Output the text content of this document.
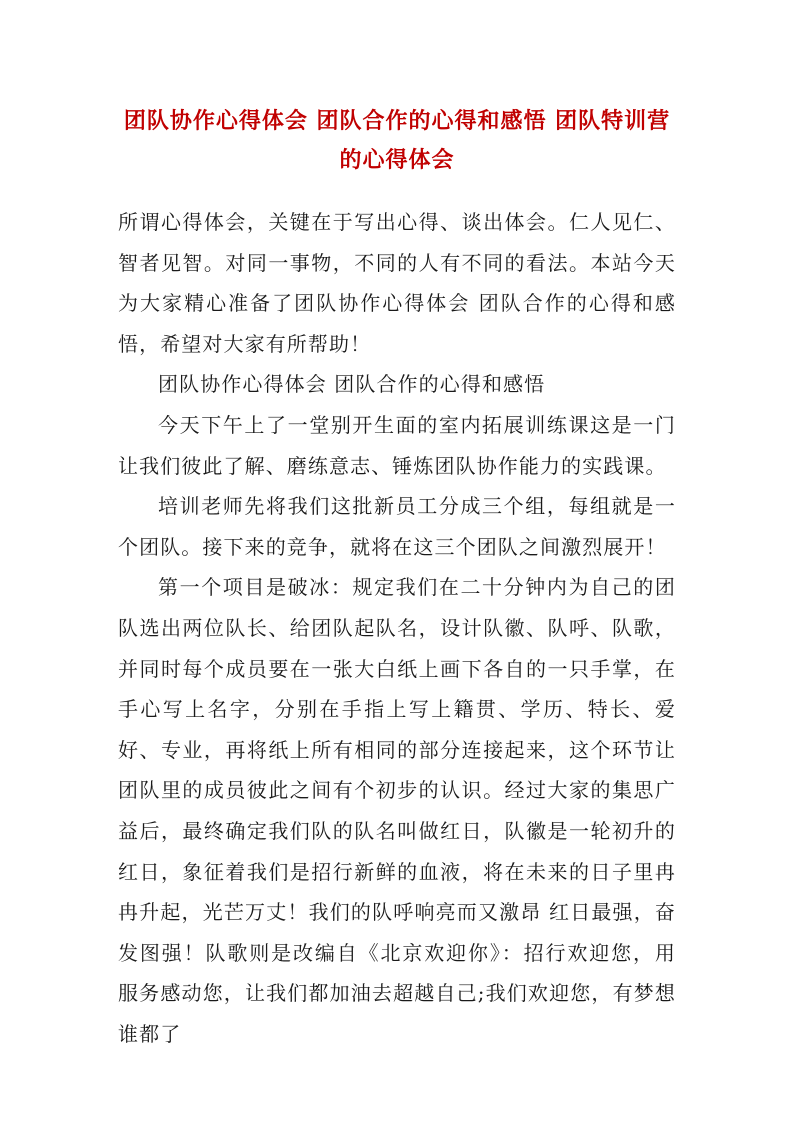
团队协作心得体会 团队合作的心得和感悟 团队特训营的心得体会

所谓心得体会，关键在于写出心得、谈出体会。仁人见仁、智者见智。对同一事物，不同的人有不同的看法。本站今天为大家精心准备了团队协作心得体会 团队合作的心得和感悟，希望对大家有所帮助！

团队协作心得体会 团队合作的心得和感悟

今天下午上了一堂别开生面的室内拓展训练课这是一门让我们彼此了解、磨练意志、锤炼团队协作能力的实践课。

培训老师先将我们这批新员工分成三个组，每组就是一个团队。接下来的竞争，就将在这三个团队之间激烈展开！

第一个项目是破冰：规定我们在二十分钟内为自己的团队选出两位队长、给团队起队名，设计队徽、队呼、队歌，并同时每个成员要在一张大白纸上画下各自的一只手掌，在手心写上名字，分别在手指上写上籍贯、学历、特长、爱好、专业，再将纸上所有相同的部分连接起来，这个环节让团队里的成员彼此之间有个初步的认识。经过大家的集思广益后，最终确定我们队的队名叫做红日，队徽是一轮初升的红日，象征着我们是招行新鲜的血液，将在未来的日子里冉冉升起，光芒万丈！我们的队呼响亮而又激昂 红日最强，奋发图强！队歌则是改编自《北京欢迎你》：招行欢迎您，用服务感动您，让我们都加油去超越自己;我们欢迎您，有梦想谁都了
